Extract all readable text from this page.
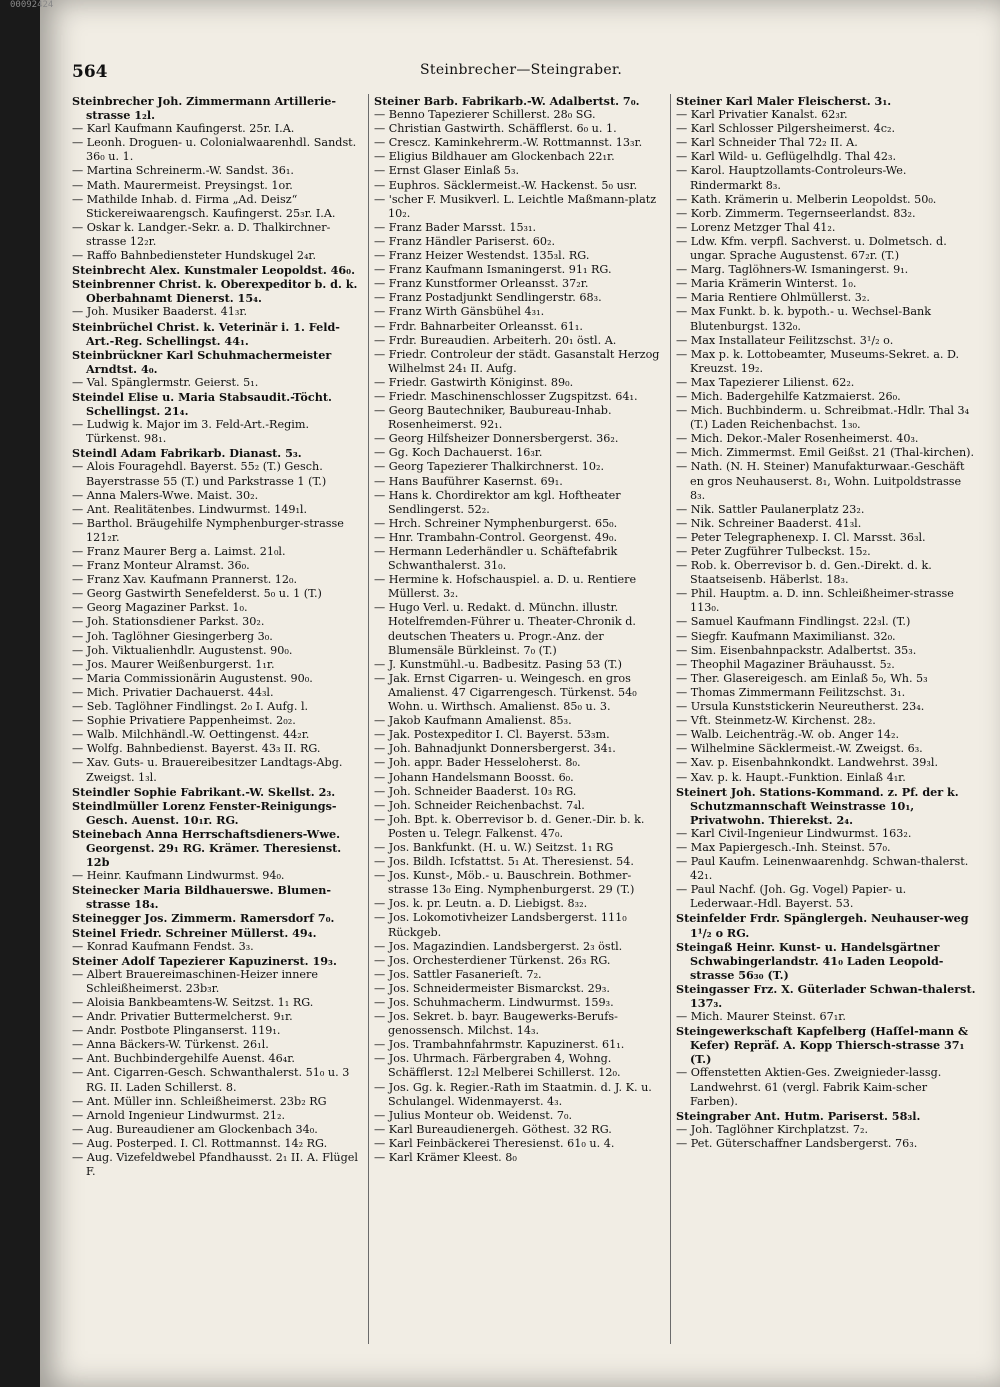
00092424
564	Steinbrecher—Steingraber.

Steinbrecher Joh. Zimmermann Artillerie-strasse 1₂l.

— Karl Kaufmann Kaufingerst. 25r. I.A.

— Leonh. Droguen- u. Colonialwaarenhdl. Sandst. 36₀ u. 1.

— Martina Schreinerm.-W. Sandst. 36₁.

— Math. Maurermeist. Preysingst. 1or.

— Mathilde Inhab. d. Firma „Ad. Deisz“ Stickereiwaarengsch. Kaufingerst. 25₃r. I.A.

— Oskar k. Landger.-Sekr. a. D. Thalkirchner-strasse 12₂r.

— Raffo Bahnbediensteter Hundskugel 2₄r.

Steinbrecht Alex. Kunstmaler Leopoldst. 46₀.

Steinbrenner Christ. k. Oberexpeditor b. d. k. Oberbahnamt Dienerst. 15₄.

— Joh. Musiker Baaderst. 41₃r.

Steinbrüchel Christ. k. Veterinär i. 1. Feld-Art.-Reg. Schellingst. 44₁.

Steinbrückner Karl Schuhmachermeister Arndtst. 4₀.

— Val. Spänglermstr. Geierst. 5₁.

Steindel Elise u. Maria Stabsaudit.-Töcht. Schellingst. 21₄.

— Ludwig k. Major im 3. Feld-Art.-Regim. Türkenst. 98₁.

Steindl Adam Fabrikarb. Dianast. 5₃.

— Alois Fouragehdl. Bayerst. 55₂ (T.) Gesch. Bayerstrasse 55 (T.) und Parkstrasse 1 (T.)

— Anna Malers-Wwe. Maist. 30₂.

— Ant. Realitätenbes. Lindwurmst. 149₁l.

— Barthol. Bräugehilfe Nymphenburger-strasse 121₂r.

— Franz Maurer Berg a. Laimst. 21₀l.

— Franz Monteur Alramst. 36₀.

— Franz Xav. Kaufmann Prannerst. 12₀.

— Georg Gastwirth Senefelderst. 5₀ u. 1 (T.)

— Georg Magaziner Parkst. 1₀.

— Joh. Stationsdiener Parkst. 30₂.

— Joh. Taglöhner Giesingerberg 3₀.

— Joh. Viktualienhdlr. Augustenst. 90₀.

— Jos. Maurer Weißenburgerst. 1₁r.

— Maria Commissionärin Augustenst. 90₀.

— Mich. Privatier Dachauerst. 44₃l.

— Seb. Taglöhner Findlingst. 2₀ I. Aufg. l.

— Sophie Privatiere Pappenheimst. 2₀₂.

— Walb. Milchhändl.-W. Oettingenst. 44₂r.

— Wolfg. Bahnbedienst. Bayerst. 43₃ II. RG.

— Xav. Guts- u. Brauereibesitzer Landtags-Abg. Zweigst. 1₃l.

Steindler Sophie Fabrikant.-W. Skellst. 2₃.

Steindlmüller Lorenz Fenster-Reinigungs-Gesch. Auenst. 10₁r. RG.

Steinebach Anna Herrschaftsdieners-Wwe. Georgenst. 29₁ RG. Krämer. Theresienst. 12b

— Heinr. Kaufmann Lindwurmst. 94₀.

Steinecker Maria Bildhauerswe. Blumen-strasse 18₄.

Steinegger Jos. Zimmerm. Ramersdorf 7₀.

Steinel Friedr. Schreiner Müllerst. 49₄.

— Konrad Kaufmann Fendst. 3₃.

Steiner Adolf Tapezierer Kapuzinerst. 19₃.

— Albert Brauereimaschinen-Heizer innere Schleißheimerst. 23b₃r.

— Aloisia Bankbeamtens-W. Seitzst. 1₁ RG.

— Andr. Privatier Buttermelcherst. 9₁r.

— Andr. Postbote Plinganserst. 119₁.

— Anna Bäckers-W. Türkenst. 26₁l.

— Ant. Buchbindergehilfe Auenst. 46₄r.

— Ant. Cigarren-Gesch. Schwanthalerst. 51₀ u. 3 RG. II. Laden Schillerst. 8.

— Ant. Müller inn. Schleißheimerst. 23b₂ RG

— Arnold Ingenieur Lindwurmst. 21₂.

— Aug. Bureaudiener am Glockenbach 34₀.

— Aug. Posterped. I. Cl. Rottmannst. 14₂ RG.

— Aug. Vizefeldwebel Pfandhausst. 2₁ II. A. Flügel F.

Steiner Barb. Fabrikarb.-W. Adalbertst. 7₀.

— Benno Tapezierer Schillerst. 28₀ SG.

— Christian Gastwirth. Schäfflerst. 6₀ u. 1.

— Crescz. Kaminkehrerm.-W. Rottmannst. 13₃r.

— Eligius Bildhauer am Glockenbach 22₁r.

— Ernst Glaser Einlaß 5₃.

— Euphros. Säcklermeist.-W. Hackenst. 5₀ usr.

— 'scher F. Musikverl. L. Leichtle Maßmann-platz 10₂.

— Franz Bader Marsst. 15₃₁.

— Franz Händler Pariserst. 60₂.

— Franz Heizer Westendst. 135₃l. RG.

— Franz Kaufmann Ismaningerst. 91₁ RG.

— Franz Kunstformer Orleansst. 37₂r.

— Franz Postadjunkt Sendlingerstr. 68₃.

— Franz Wirth Gänsbühel 4₃₁.

— Frdr. Bahnarbeiter Orleansst. 61₁.

— Frdr. Bureaudien. Arbeiterh. 20₁ östl. A.

— Friedr. Controleur der städt. Gasanstalt Herzog Wilhelmst 24₁ II. Aufg.

— Friedr. Gastwirth Königinst. 89₀.

— Friedr. Maschinenschlosser Zugspitzst. 64₁.

— Georg Bautechniker, Baubureau-Inhab. Rosenheimerst. 92₁.

— Georg Hilfsheizer Donnersbergerst. 36₂.

— Gg. Koch Dachauerst. 16₃r.

— Georg Tapezierer Thalkirchnerst. 10₂.

— Hans Bauführer Kasernst. 69₁.

— Hans k. Chordirektor am kgl. Hoftheater Sendlingerst. 52₂.

— Hrch. Schreiner Nymphenburgerst. 65₀.

— Hnr. Trambahn-Control. Georgenst. 49₀.

— Hermann Lederhändler u. Schäftefabrik Schwanthalerst. 31₀.

— Hermine k. Hofschauspiel. a. D. u. Rentiere Müllerst. 3₂.

— Hugo Verl. u. Redakt. d. Münchn. illustr. Hotelfremden-Führer u. Theater-Chronik d. deutschen Theaters u. Progr.-Anz. der Blumensäle Bürkleinst. 7₀ (T.)

— J. Kunstmühl.-u. Badbesitz. Pasing 53 (T.)

— Jak. Ernst Cigarren- u. Weingesch. en gros Amalienst. 47 Cigarrengesch. Türkenst. 54₀ Wohn. u. Wirthsch. Amalienst. 85₀ u. 3.

— Jakob Kaufmann Amalienst. 85₃.

— Jak. Postexpeditor I. Cl. Bayerst. 53₃m.

— Joh. Bahnadjunkt Donnersbergerst. 34₁.

— Joh. appr. Bader Hesseloherst. 8₀.

— Johann Handelsmann Boosst. 6₀.

— Joh. Schneider Baaderst. 10₃ RG.

— Joh. Schneider Reichenbachst. 7₄l.

— Joh. Bpt. k. Oberrevisor b. d. Gener.-Dir. b. k. Posten u. Telegr. Falkenst. 47₀.

— Jos. Bankfunkt. (H. u. W.) Seitzst. 1₁ RG

— Jos. Bildh. Icfstattst. 5₁ At. Theresienst. 54.

— Jos. Kunst-, Möb.- u. Bauschrein. Bothmer-strasse 13₀ Eing. Nymphenburgerst. 29 (T.)

— Jos. k. pr. Leutn. a. D. Liebigst. 8₃₂.

— Jos. Lokomotivheizer Landsbergerst. 111₀ Rückgeb.

— Jos. Magazindien. Landsbergerst. 2₃ östl.

— Jos. Orchesterdiener Türkenst. 26₃ RG.

— Jos. Sattler Fasanerieſt. 7₂.

— Jos. Schneidermeister Bismarckst. 29₃.

— Jos. Schuhmacherm. Lindwurmst. 159₃.

— Jos. Sekret. b. bayr. Baugewerks-Berufs-genossensch. Milchst. 14₃.

— Jos. Trambahnfahrmstr. Kapuzinerst. 61₁.

— Jos. Uhrmach. Färbergraben 4, Wohng. Schäfflerst. 12₂l Melberei Schillerst. 12₀.

— Jos. Gg. k. Regier.-Rath im Staatmin. d. J. K. u. Schulangel. Widenmayerst. 4₃.

— Julius Monteur ob. Weidenst. 7₀.

— Karl Bureaudienergeh. Göthest. 32 RG.

— Karl Feinbäckerei Theresienst. 61₀ u. 4.

— Karl Krämer Kleest. 8₀

Steiner Karl Maler Fleischerst. 3₁.

— Karl Privatier Kanalst. 62₃r.

— Karl Schlosser Pilgersheimerst. 4c₂.

— Karl Schneider Thal 72₂ II. A.

— Karl Wild- u. Geflügelhdlg. Thal 42₃.

— Karol. Hauptzollamts-Controleurs-We. Rindermarkt 8₃.

— Kath. Krämerin u. Melberin Leopoldst. 50₀.

— Korb. Zimmerm. Tegernseerlandst. 83₂.

— Lorenz Metzger Thal 41₂.

— Ldw. Kfm. verpfl. Sachverst. u. Dolmetsch. d. ungar. Sprache Augustenst. 67₂r. (T.)

— Marg. Taglöhners-W. Ismaningerst. 9₁.

— Maria Krämerin Winterst. 1₀.

— Maria Rentiere Ohlmüllerst. 3₂.

— Max Funkt. b. k. bypoth.- u. Wechsel-Bank Blutenburgst. 132₀.

— Max Installateur Feilitzschst. 3¹/₂ o.

— Max p. k. Lottobeamter, Museums-Sekret. a. D. Kreuzst. 19₂.

— Max Tapezierer Lilienst. 62₂.

— Mich. Badergehilfe Katzmaierst. 26₀.

— Mich. Buchbinderm. u. Schreibmat.-Hdlr. Thal 3₄ (T.) Laden Reichenbachst. 1₃₀.

— Mich. Dekor.-Maler Rosenheimerst. 40₃.

— Mich. Zimmermst. Emil Geißst. 21 (Thal-kirchen).

— Nath. (N. H. Steiner) Manufakturwaar.-Geschäft en gros Neuhauserst. 8₁, Wohn. Luitpoldstrasse 8₃.

— Nik. Sattler Paulanerplatz 23₂.

— Nik. Schreiner Baaderst. 41₃l.

— Peter Telegraphenexp. I. Cl. Marsst. 36₃l.

— Peter Zugführer Tulbeckst. 15₂.

— Rob. k. Oberrevisor b. d. Gen.-Direkt. d. k. Staatseisenb. Häberlst. 18₃.

— Phil. Hauptm. a. D. inn. Schleißheimer-strasse 113₀.

— Samuel Kaufmann Findlingst. 22₃l. (T.)

— Siegfr. Kaufmann Maximilianst. 32₀.

— Sim. Eisenbahnpackstr. Adalbertst. 35₃.

— Theophil Magaziner Bräuhausst. 5₂.

— Ther. Glasereigesch. am Einlaß 5₀, Wh. 5₃

— Thomas Zimmermann Feilitzschst. 3₁.

— Ursula Kunststickerin Neureutherst. 23₄.

— Vft. Steinmetz-W. Kirchenst. 28₂.

— Walb. Leichenträg.-W. ob. Anger 14₂.

— Wilhelmine Säcklermeist.-W. Zweigst. 6₃.

— Xav. p. Eisenbahnkondkt. Landwehrst. 39₃l.

— Xav. p. k. Haupt.-Funktion. Einlaß 4₁r.

Steinert Joh. Stations-Kommand. z. Pf. der k. Schutzmannschaft Weinstrasse 10₁, Privatwohn. Thierekst. 2₄.

— Karl Civil-Ingenieur Lindwurmst. 163₂.

— Max Papiergesch.-Inh. Steinst. 57₀.

— Paul Kaufm. Leinenwaarenhdg. Schwan-thalerst. 42₁.

— Paul Nachf. (Joh. Gg. Vogel) Papier- u. Lederwaar.-Hdl. Bayerst. 53.

Steinfelder Frdr. Spänglergeh. Neuhauser-weg 1¹/₂ o RG.

Steingaß Heinr. Kunst- u. Handelsgärtner Schwabingerlandstr. 41₀ Laden Leopold-strasse 56₃₀ (T.)

Steingasser Frz. X. Güterlader Schwan-thalerst. 137₃.

— Mich. Maurer Steinst. 67₁r.

Steingewerkschaft Kapfelberg (Haſſel-mann & Kefer) Repräf. A. Kopp Thiersch-strasse 37₁ (T.)

— Offenstetten Aktien-Ges. Zweignieder-lassg. Landwehrst. 61 (vergl. Fabrik Kaim-scher Farben).

Steingraber Ant. Hutm. Pariserst. 58₃l.

— Joh. Taglöhner Kirchplatzst. 7₂.

— Pet. Güterschaffner Landsbergerst. 76₃.
